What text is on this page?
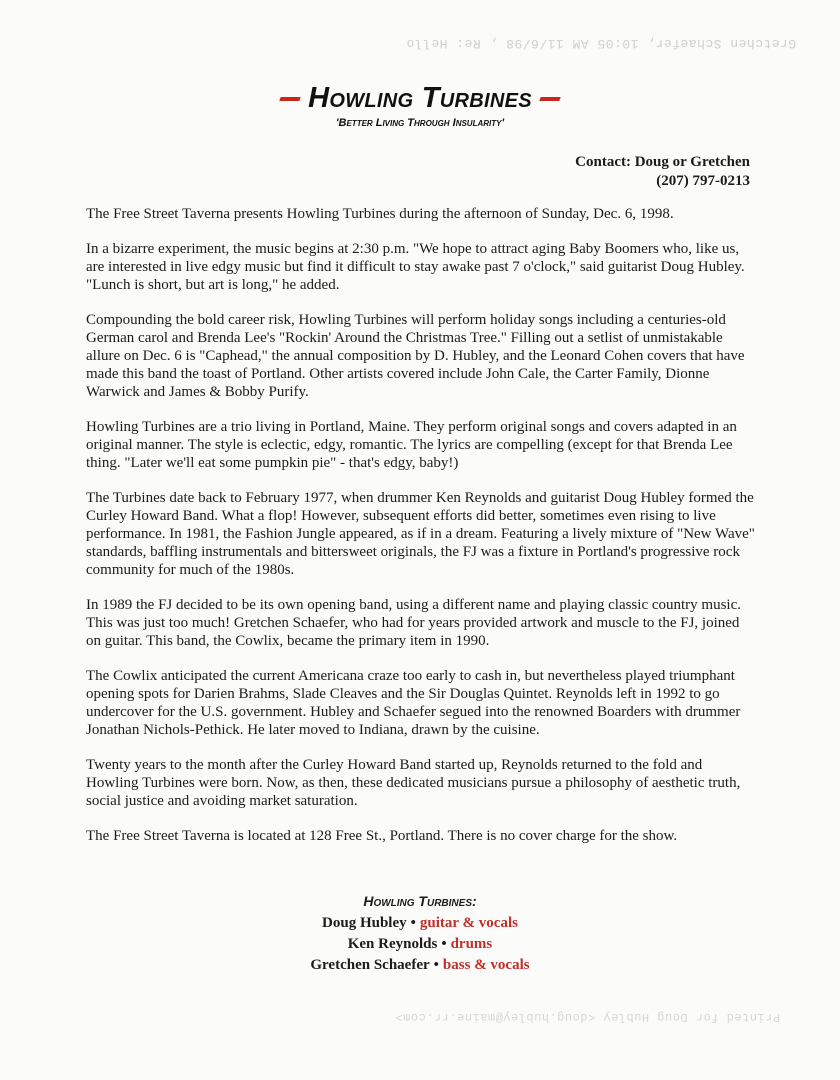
Gretchen Schaefer, 10:05 AM 11/6/98 , Re: Hello
Howling Turbines
'Better Living Through Insularity'
Contact: Doug or Gretchen
(207) 797-0213

The Free Street Taverna presents Howling Turbines during the afternoon of Sunday, Dec. 6, 1998.

In a bizarre experiment, the music begins at 2:30 p.m. "We hope to attract aging Baby Boomers who, like us, are interested in live edgy music but find it difficult to stay awake past 7 o'clock," said guitarist Doug Hubley. "Lunch is short, but art is long," he added.

Compounding the bold career risk, Howling Turbines will perform holiday songs including a centuries-old German carol and Brenda Lee's "Rockin' Around the Christmas Tree." Filling out a setlist of unmistakable allure on Dec. 6 is "Caphead," the annual composition by D. Hubley, and the Leonard Cohen covers that have made this band the toast of Portland. Other artists covered include John Cale, the Carter Family, Dionne Warwick and James & Bobby Purify.

Howling Turbines are a trio living in Portland, Maine. They perform original songs and covers adapted in an original manner. The style is eclectic, edgy, romantic. The lyrics are compelling (except for that Brenda Lee thing. "Later we'll eat some pumpkin pie" - that's edgy, baby!)

The Turbines date back to February 1977, when drummer Ken Reynolds and guitarist Doug Hubley formed the Curley Howard Band. What a flop! However, subsequent efforts did better, sometimes even rising to live performance. In 1981, the Fashion Jungle appeared, as if in a dream. Featuring a lively mixture of "New Wave" standards, baffling instrumentals and bittersweet originals, the FJ was a fixture in Portland's progressive rock community for much of the 1980s.

In 1989 the FJ decided to be its own opening band, using a different name and playing classic country music. This was just too much! Gretchen Schaefer, who had for years provided artwork and muscle to the FJ, joined on guitar. This band, the Cowlix, became the primary item in 1990.

The Cowlix anticipated the current Americana craze too early to cash in, but nevertheless played triumphant opening spots for Darien Brahms, Slade Cleaves and the Sir Douglas Quintet. Reynolds left in 1992 to go undercover for the U.S. government. Hubley and Schaefer segued into the renowned Boarders with drummer Jonathan Nichols-Pethick. He later moved to Indiana, drawn by the cuisine.

Twenty years to the month after the Curley Howard Band started up, Reynolds returned to the fold and Howling Turbines were born. Now, as then, these dedicated musicians pursue a philosophy of aesthetic truth, social justice and avoiding market saturation.

The Free Street Taverna is located at 128 Free St., Portland. There is no cover charge for the show.

Howling Turbines:
Doug Hubley • guitar & vocals
Ken Reynolds • drums
Gretchen Schaefer • bass & vocals
Printed for Doug Hubley <doug.hubley@maine.rr.com>
